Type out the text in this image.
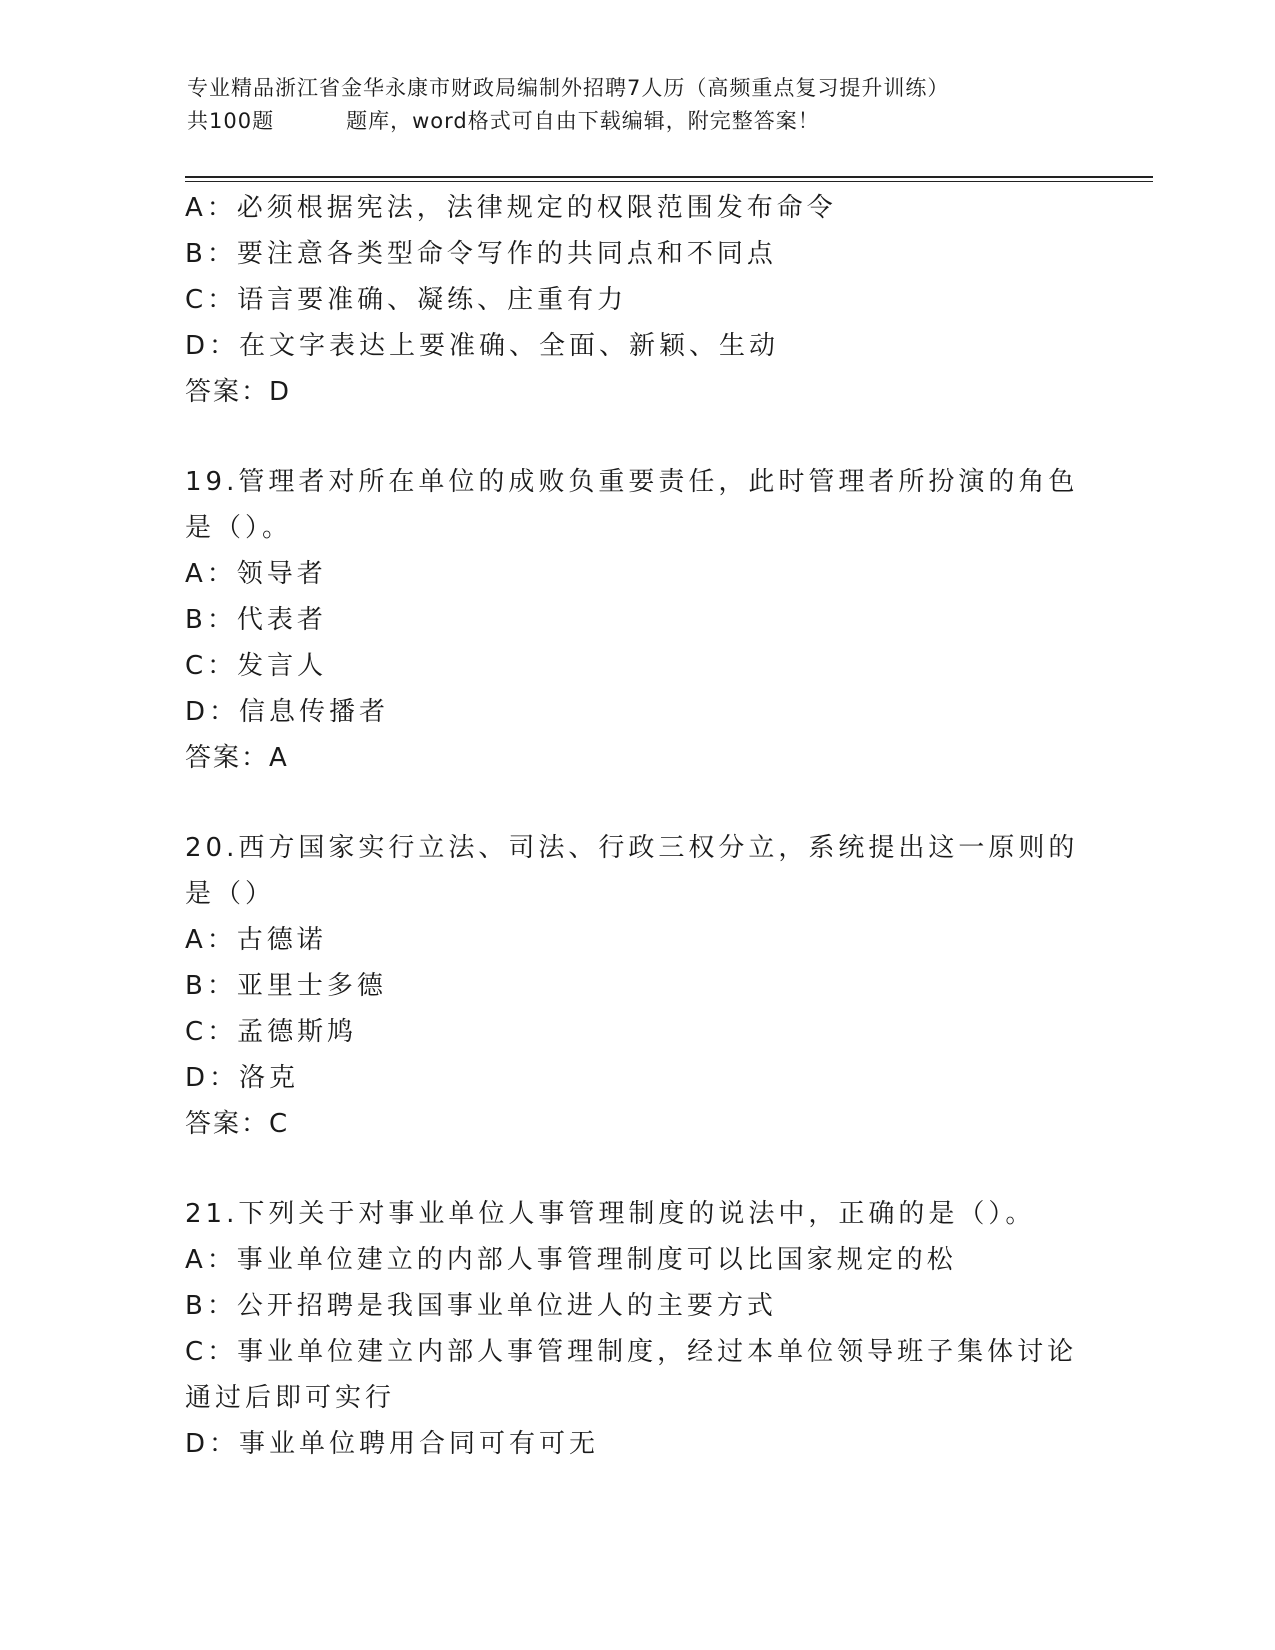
专业精品浙江省金华永康市财政局编制外招聘7人历（高频重点复习提升训练）
共100题	题库，word格式可自由下载编辑，附完整答案！
A：必须根据宪法，法律规定的权限范围发布命令
B：要注意各类型命令写作的共同点和不同点
C：语言要准确、凝练、庄重有力
D：在文字表达上要准确、全面、新颖、生动
答案：D
19.管理者对所在单位的成败负重要责任，此时管理者所扮演的角色是（）。
A：领导者
B：代表者
C：发言人
D：信息传播者
答案：A
20.西方国家实行立法、司法、行政三权分立，系统提出这一原则的是（）
A：古德诺
B：亚里士多德
C：孟德斯鸠
D：洛克
答案：C
21.下列关于对事业单位人事管理制度的说法中，正确的是（）。
A：事业单位建立的内部人事管理制度可以比国家规定的松
B：公开招聘是我国事业单位进人的主要方式
C：事业单位建立内部人事管理制度，经过本单位领导班子集体讨论通过后即可实行
D：事业单位聘用合同可有可无
